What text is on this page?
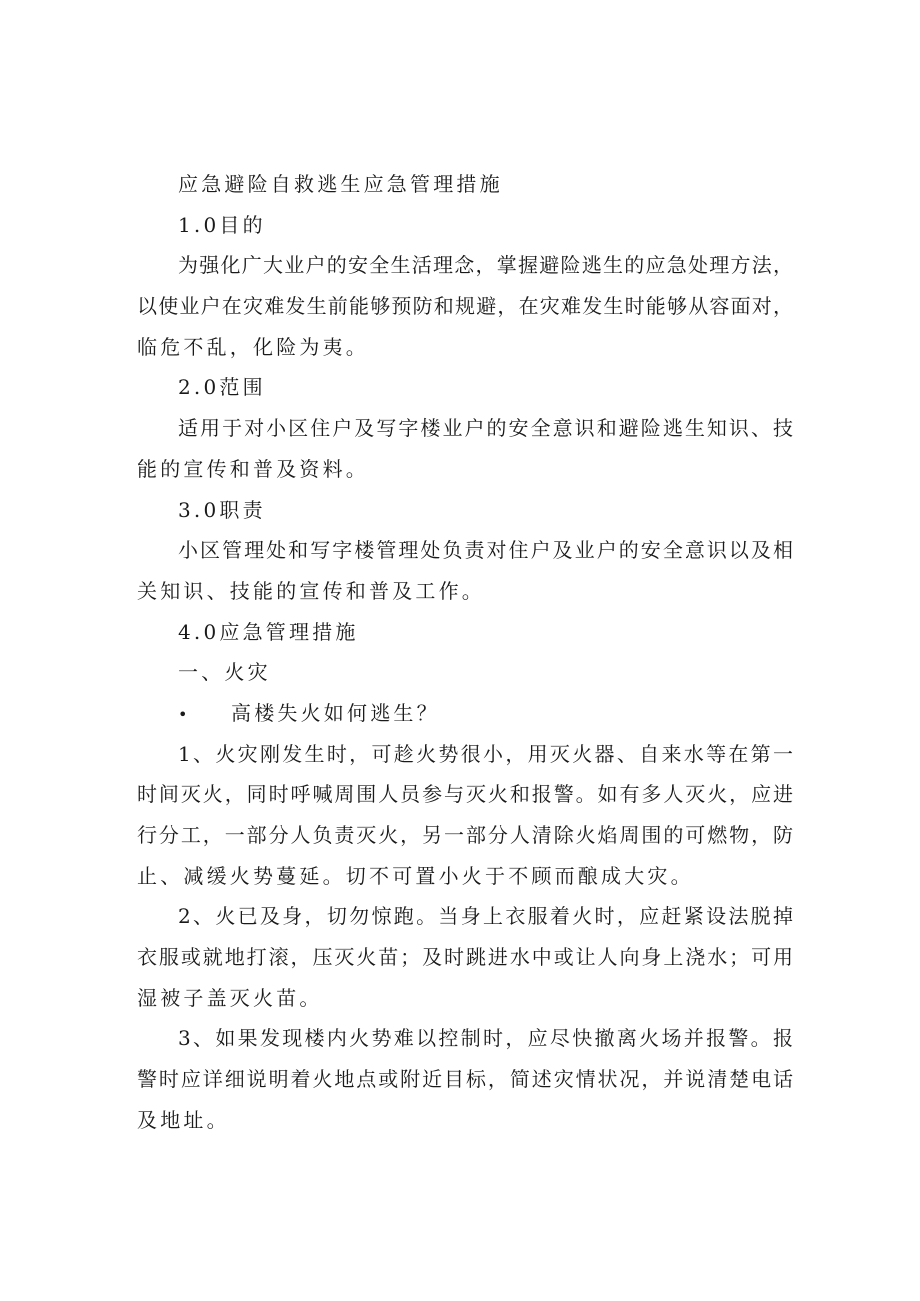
应急避险自救逃生应急管理措施
1.0目的
为强化广大业户的安全生活理念，掌握避险逃生的应急处理方法，
以使业户在灾难发生前能够预防和规避，在灾难发生时能够从容面对，
临危不乱，化险为夷。
2.0范围
适用于对小区住户及写字楼业户的安全意识和避险逃生知识、技
能的宣传和普及资料。
3.0职责
小区管理处和写字楼管理处负责对住户及业户的安全意识以及相
关知识、技能的宣传和普及工作。
4.0应急管理措施
一、火灾
• 高楼失火如何逃生？
1、火灾刚发生时，可趁火势很小，用灭火器、自来水等在第一
时间灭火，同时呼喊周围人员参与灭火和报警。如有多人灭火，应进
行分工，一部分人负责灭火，另一部分人清除火焰周围的可燃物，防
止、减缓火势蔓延。切不可置小火于不顾而酿成大灾。
2、火已及身，切勿惊跑。当身上衣服着火时，应赶紧设法脱掉
衣服或就地打滚，压灭火苗；及时跳进水中或让人向身上浇水；可用
湿被子盖灭火苗。
3、如果发现楼内火势难以控制时，应尽快撤离火场并报警。报
警时应详细说明着火地点或附近目标，简述灾情状况，并说清楚电话
及地址。
